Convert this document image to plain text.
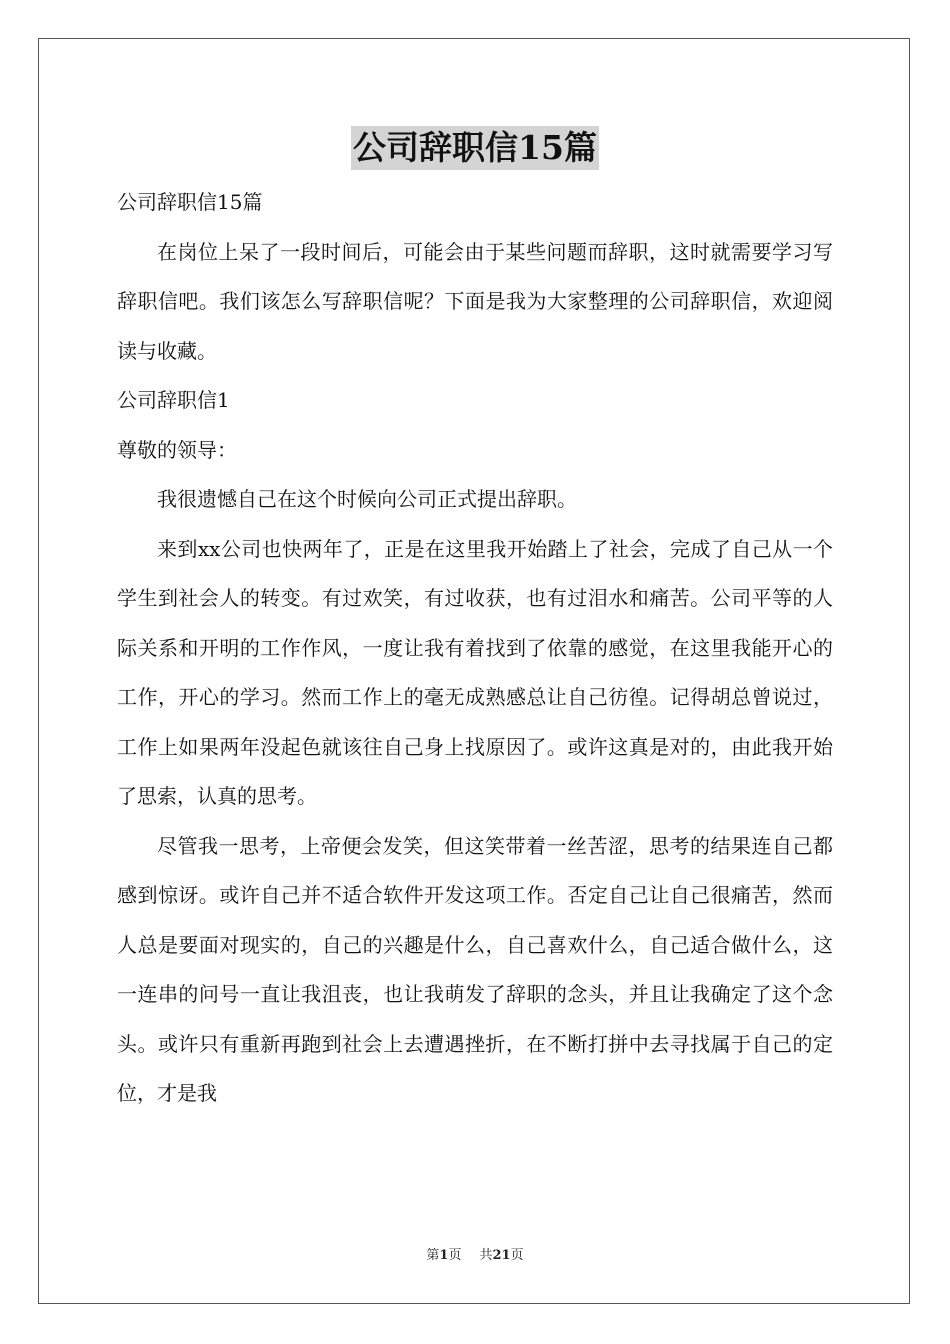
公司辞职信15篇

公司辞职信15篇

在岗位上呆了一段时间后，可能会由于某些问题而辞职，这时就需要学习写辞职信吧。我们该怎么写辞职信呢？下面是我为大家整理的公司辞职信，欢迎阅读与收藏。

公司辞职信1

尊敬的领导：

我很遗憾自己在这个时候向公司正式提出辞职。

来到xx公司也快两年了，正是在这里我开始踏上了社会，完成了自己从一个学生到社会人的转变。有过欢笑，有过收获，也有过泪水和痛苦。公司平等的人际关系和开明的工作作风，一度让我有着找到了依靠的感觉，在这里我能开心的工作，开心的学习。然而工作上的毫无成熟感总让自己彷徨。记得胡总曾说过，工作上如果两年没起色就该往自己身上找原因了。或许这真是对的，由此我开始了思索，认真的思考。

尽管我一思考，上帝便会发笑，但这笑带着一丝苦涩，思考的结果连自己都感到惊讶。或许自己并不适合软件开发这项工作。否定自己让自己很痛苦，然而人总是要面对现实的，自己的兴趣是什么，自己喜欢什么，自己适合做什么，这一连串的问号一直让我沮丧，也让我萌发了辞职的念头，并且让我确定了这个念头。或许只有重新再跑到社会上去遭遇挫折，在不断打拼中去寻找属于自己的定位，才是我

第1页 共21页
